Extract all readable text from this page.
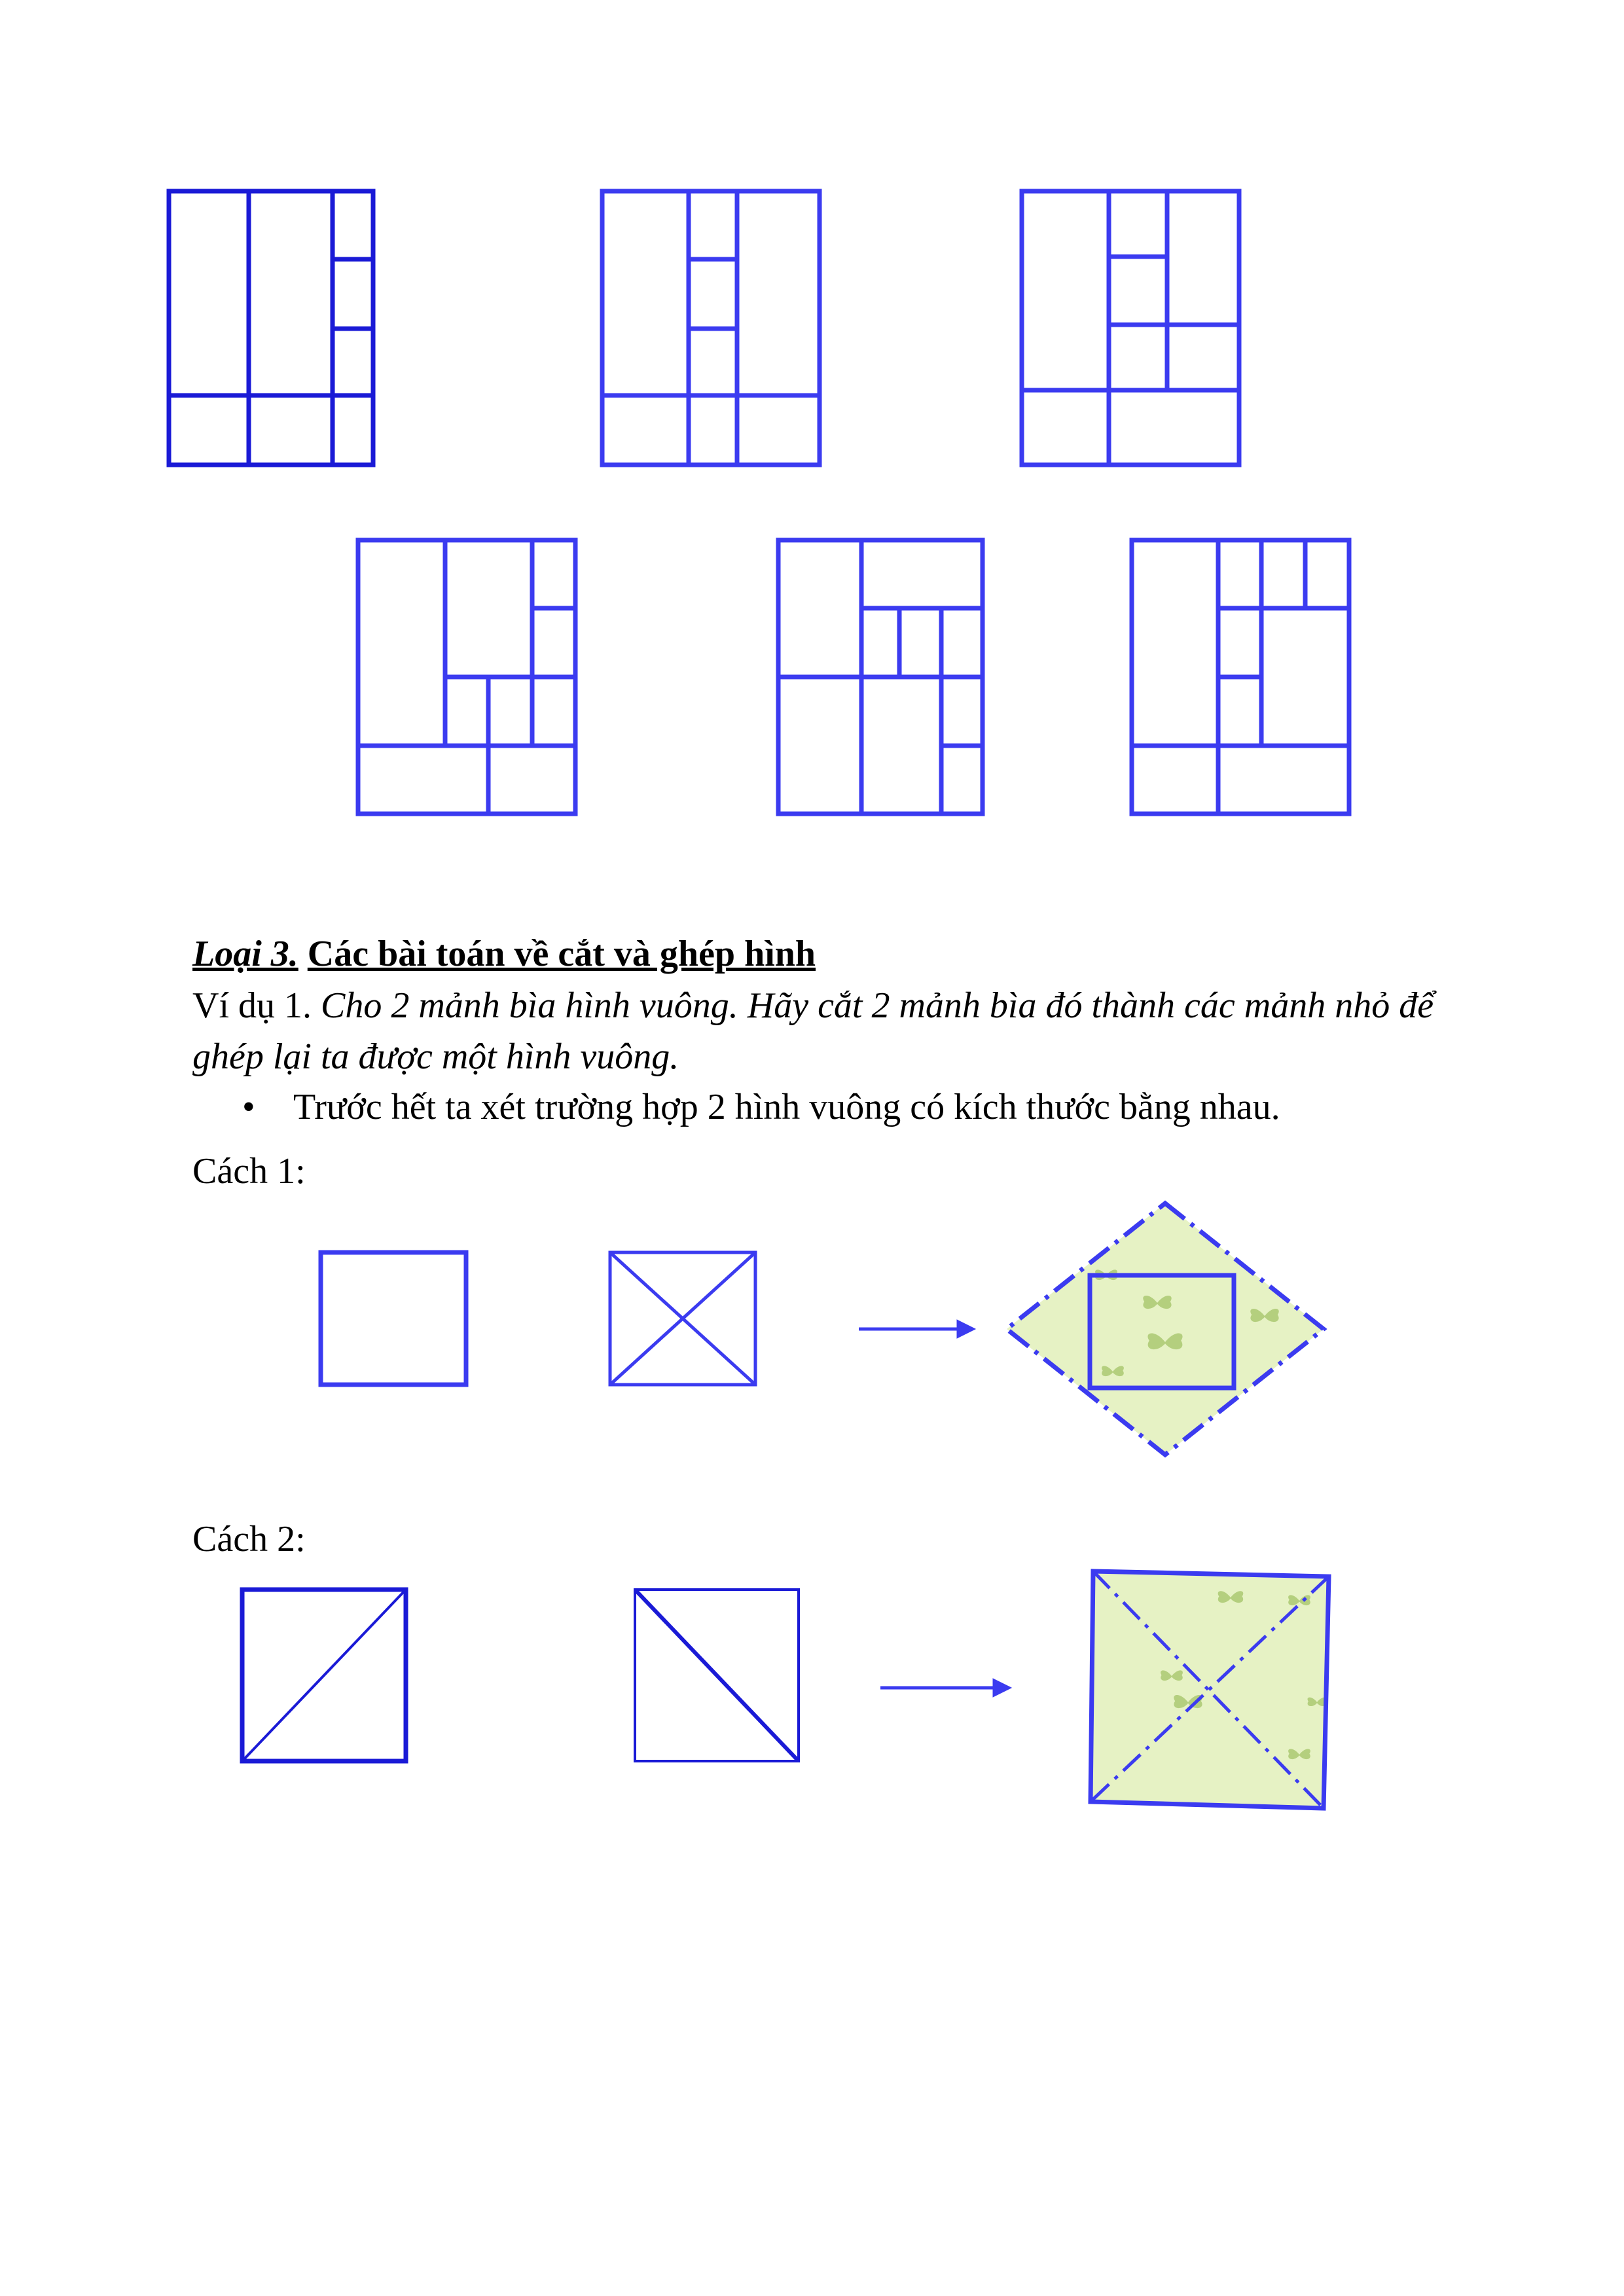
Loại 3. Các bài toán về cắt và ghép hình
Ví dụ 1. Cho 2 mảnh bìa hình vuông. Hãy cắt 2 mảnh bìa đó thành các mảnh nhỏ để
ghép lại ta được một hình vuông.
• Trước hết ta xét trường hợp 2 hình vuông có kích thước bằng nhau.
Cách 1:
Cách 2:
